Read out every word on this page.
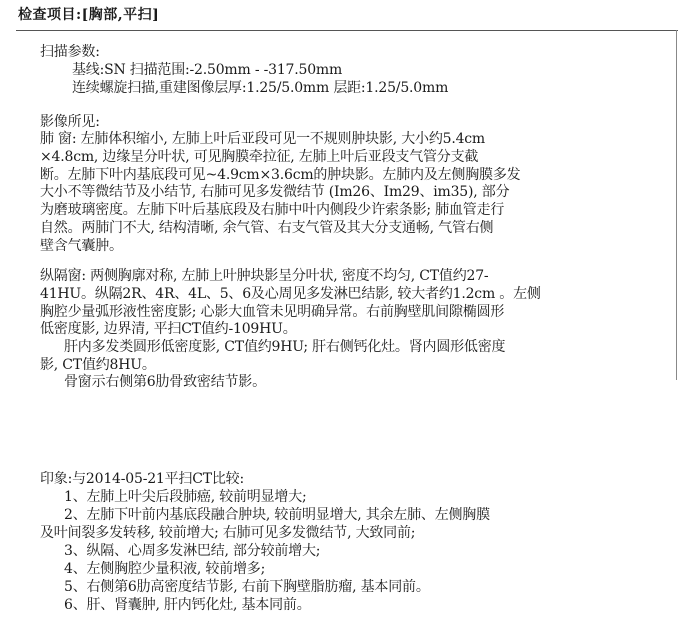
检查项目:[胸部,平扫]
扫描参数:
基线:SN 扫描范围:-2.50mm - -317.50mm
连续螺旋扫描,重建图像层厚:1.25/5.0mm 层距:1.25/5.0mm
影像所见:
肺 窗: 左肺体积缩小, 左肺上叶后亚段可见一不规则肿块影, 大小约5.4cm
×4.8cm, 边缘呈分叶状, 可见胸膜牵拉征, 左肺上叶后亚段支气管分支截
断。左肺下叶内基底段可见~4.9cm×3.6cm的肿块影。左肺内及左侧胸膜多发
大小不等微结节及小结节, 右肺可见多发微结节 (Im26、Im29、im35), 部分
为磨玻璃密度。左肺下叶后基底段及右肺中叶内侧段少许索条影; 肺血管走行
自然。两肺门不大, 结构清晰, 余气管、右支气管及其大分支通畅, 气管右侧
壁含气囊肿。
纵隔窗: 两侧胸廓对称, 左肺上叶肿块影呈分叶状, 密度不均匀, CT值约27-
41HU。纵隔2R、4R、4L、5、6及心周见多发淋巴结影, 较大者约1.2cm 。左侧
胸腔少量弧形液性密度影; 心影大血管未见明确异常。右前胸壁肌间隙椭圆形
低密度影, 边界清, 平扫CT值约-109HU。
肝内多发类圆形低密度影, CT值约9HU; 肝右侧钙化灶。肾内圆形低密度
影, CT值约8HU。
骨窗示右侧第6肋骨致密结节影。
印象:与2014-05-21平扫CT比较:
1、左肺上叶尖后段肺癌, 较前明显增大;
2、左肺下叶前内基底段融合肿块, 较前明显增大, 其余左肺、左侧胸膜
及叶间裂多发转移, 较前增大; 右肺可见多发微结节, 大致同前;
3、纵隔、心周多发淋巴结, 部分较前增大;
4、左侧胸腔少量积液, 较前增多;
5、右侧第6肋高密度结节影, 右前下胸壁脂肪瘤, 基本同前。
6、肝、肾囊肿, 肝内钙化灶, 基本同前。
